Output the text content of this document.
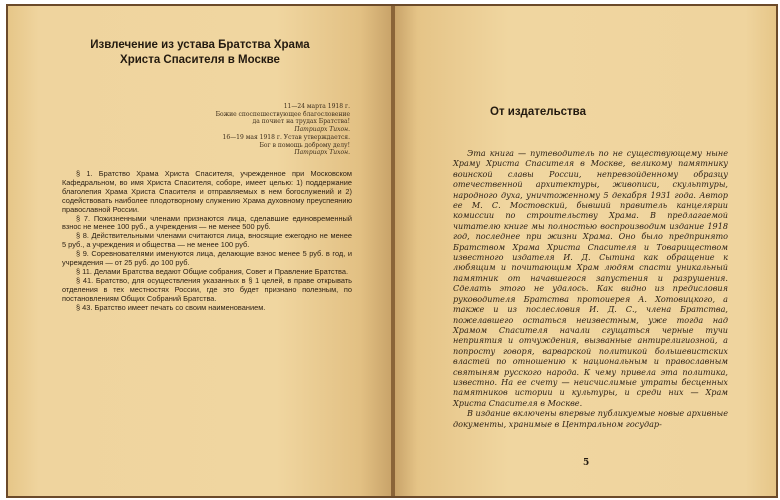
Извлечение из устава Братства Храма Христа Спасителя в Москве
11—24 марта 1918 г.
Божие споспешествующее благословение
да почиет на трудах Братства!
Патриарх Тихон.
16—19 мая 1918 г. Устав утверждается.
Бог в помощь доброму делу!
Патриарх Тихон.

§ 1. Братство Храма Христа Спасителя, учрежденное при Московском Кафедральном, во имя Христа Спасителя, соборе, имеет целью: 1) поддержание благолепия Храма Христа Спасителя и отправляемых в нем богослужений и 2) содействовать наиболее плодотворному служению Храма духовному преуспеянию православной России.

§ 7. Пожизненными членами признаются лица, сделавшие единовременный взнос не менее 100 руб., а учреждения — не менее 500 руб.

§ 8. Действительными членами считаются лица, вносящие ежегодно не менее 5 руб., а учреждения и общества — не менее 100 руб.

§ 9. Соревнователями именуются лица, делающие взнос менее 5 руб. в год, и учреждения — от 25 руб. до 100 руб.

§ 11. Делами Братства ведают Общие собрания, Совет и Правление Братства.

§ 41. Братство, для осуществления указанных в § 1 целей, в праве открывать отделения в тех местностях России, где это будет признано полезным, по постановлениям Общих Собраний Братства.

§ 43. Братство имеет печать со своим наименованием.

От издательства

Эта книга — путеводитель по не существующему ныне Храму Христа Спасителя в Москве, великому памятнику воинской славы России, непревзойденному образцу отечественной архитектуры, живописи, скульптуры, народного духа, уничтоженному 5 декабря 1931 года. Автор ее М. С. Мостовский, бывший правитель канцелярии комиссии по строительству Храма. В предлагаемой читателю книге мы полностью воспроизводим издание 1918 год, последнее при жизни Храма. Оно было предпринято Братством Храма Христа Спасителя и Товариществом известного издателя И. Д. Сытина как обращение к любящим и почитающим Храм людям спасти уникальный памятник от начавшегося запустения и разрушения. Сделать этого не удалось. Как видно из предисловия руководителя Братства протоиерея А. Хотовицкого, а также и из послесловия И. Д. С., члена Братства, пожелавшего остаться неизвестным, уже тогда над Храмом Спасителя начали сгущаться черные тучи неприятия и отчуждения, вызванные антирелигиозной, а попросту говоря, варварской политикой большевистских властей по отношению к национальным и православным святыням русского народа. К чему привела эта политика, известно. На ее счету — неисчислимые утраты бесценных памятников истории и культуры, и среди них — Храм Христа Спасителя в Москве.

В издание включены впервые публикуемые новые архивные документы, хранимые в Центральном государ-

5
